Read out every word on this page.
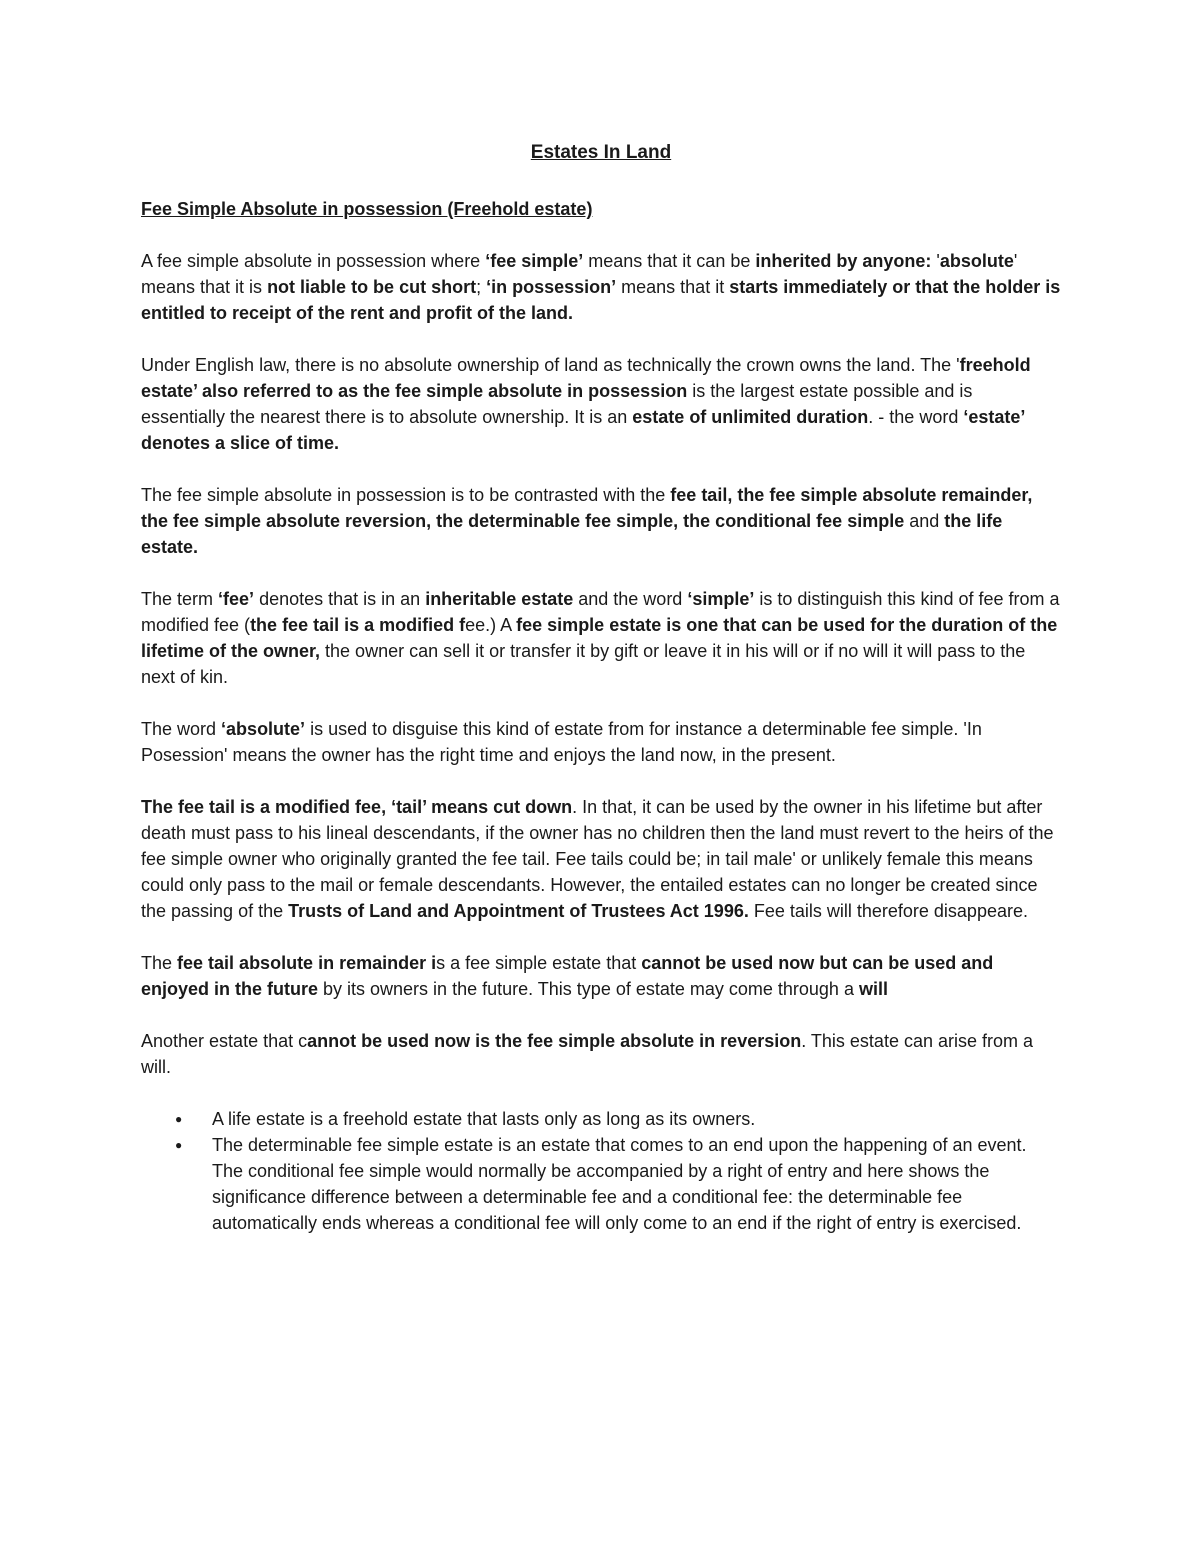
Estates In Land
Fee Simple Absolute in possession (Freehold estate)

A fee simple absolute in possession where ‘fee simple’ means that it can be inherited by anyone: 'absolute' means that it is not liable to be cut short; ‘in possession’ means that it starts immediately or that the holder is entitled to receipt of the rent and profit of the land.

Under English law, there is no absolute ownership of land as technically the crown owns the land. The 'freehold estate’ also referred to as the fee simple absolute in possession is the largest estate possible and is essentially the nearest there is to absolute ownership. It is an estate of unlimited duration. - the word ‘estate’ denotes a slice of time.

The fee simple absolute in possession is to be contrasted with the fee tail, the fee simple absolute remainder, the fee simple absolute reversion, the determinable fee simple, the conditional fee simple and the life estate.

The term ‘fee’ denotes that is in an inheritable estate and the word ‘simple’ is to distinguish this kind of fee from a modified fee (the fee tail is a modified fee.) A fee simple estate is one that can be used for the duration of the lifetime of the owner, the owner can sell it or transfer it by gift or leave it in his will or if no will it will pass to the next of kin.

The word ‘absolute’ is used to disguise this kind of estate from for instance a determinable fee simple. 'In Posession' means the owner has the right time and enjoys the land now, in the present.

The fee tail is a modified fee, ‘tail’ means cut down. In that, it can be used by the owner in his lifetime but after death must pass to his lineal descendants, if the owner has no children then the land must revert to the heirs of the fee simple owner who originally granted the fee tail. Fee tails could be; in tail male' or unlikely female this means could only pass to the mail or female descendants. However, the entailed estates can no longer be created since the passing of the Trusts of Land and Appointment of Trustees Act 1996. Fee tails will therefore disappeare.

The fee tail absolute in remainder is a fee simple estate that cannot be used now but can be used and enjoyed in the future by its owners in the future. This type of estate may come through a will

Another estate that cannot be used now is the fee simple absolute in reversion. This estate can arise from a will.

● A life estate is a freehold estate that lasts only as long as its owners.
● The determinable fee simple estate is an estate that comes to an end upon the happening of an event. The conditional fee simple would normally be accompanied by a right of entry and here shows the significance difference between a determinable fee and a conditional fee: the determinable fee automatically ends whereas a conditional fee will only come to an end if the right of entry is exercised.
